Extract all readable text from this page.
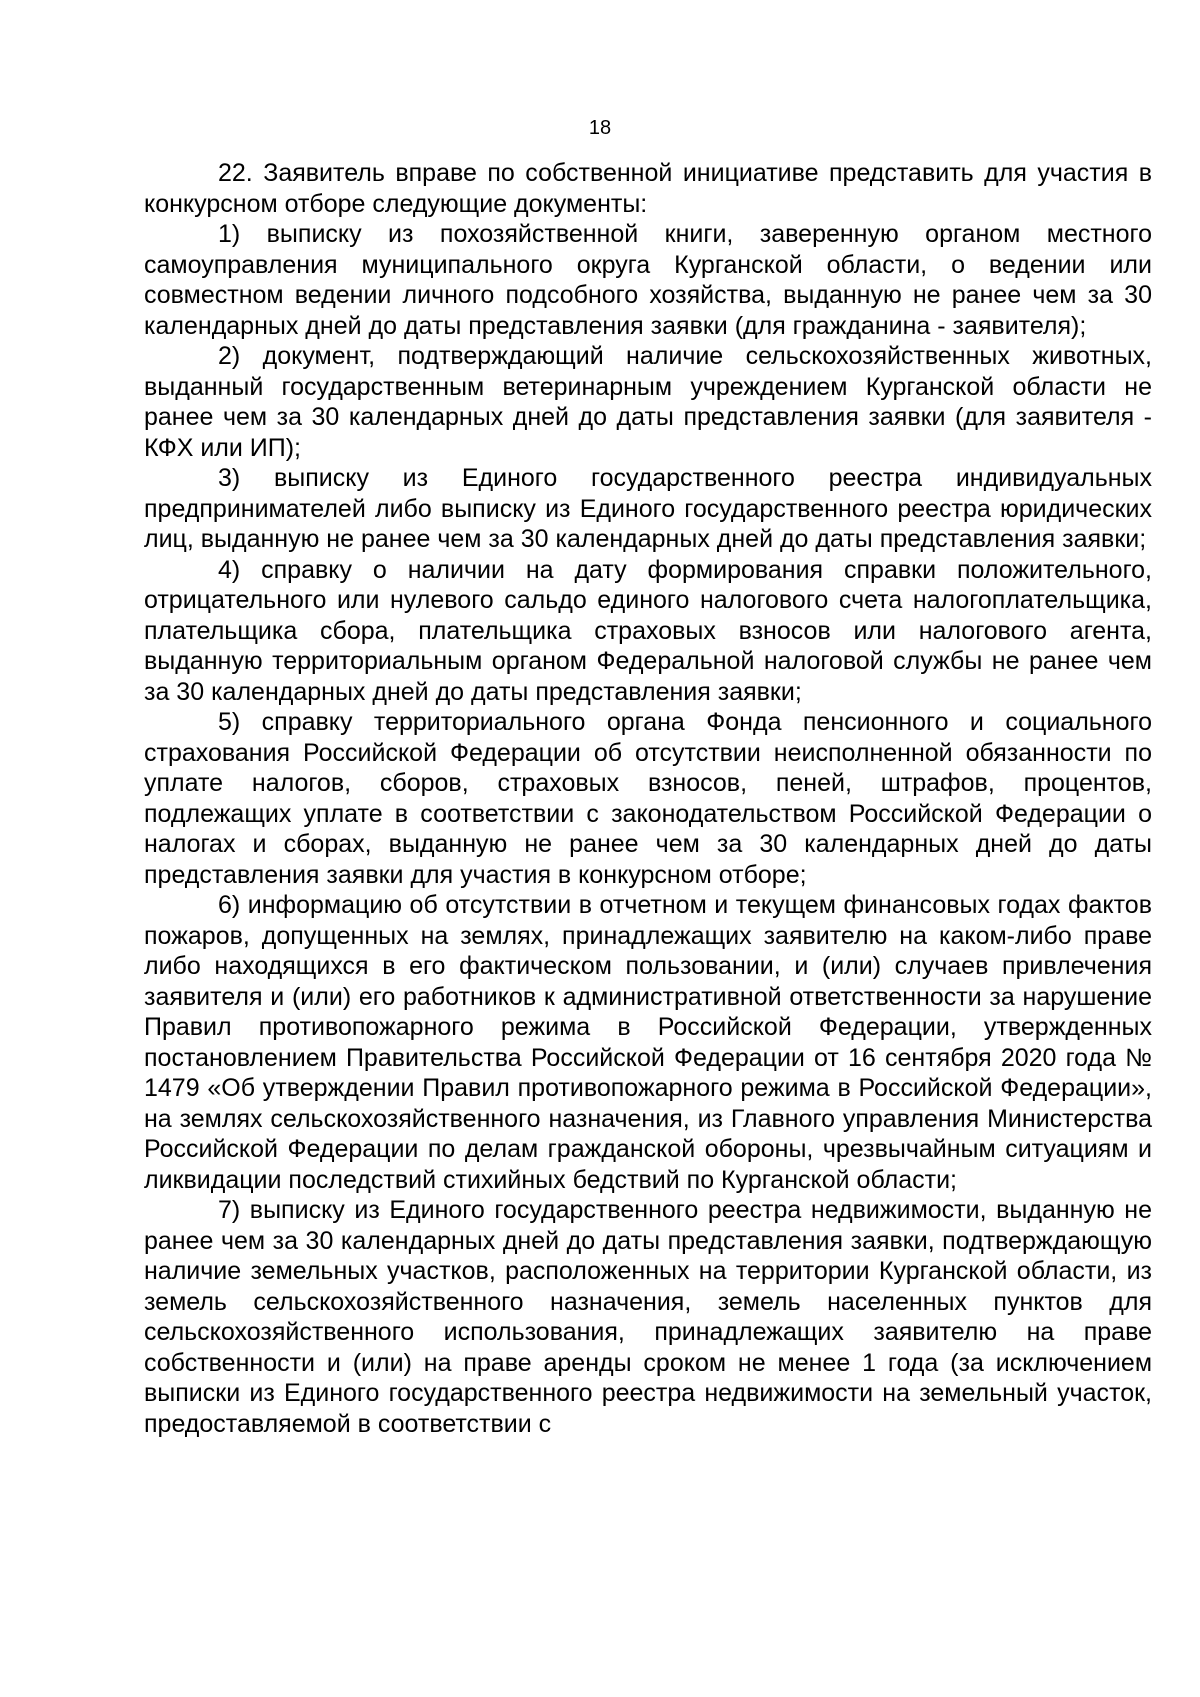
18

22. Заявитель вправе по собственной инициативе представить для участия в конкурсном отборе следующие документы:

1) выписку из похозяйственной книги, заверенную органом местного самоуправления муниципального округа Курганской области, о ведении или совместном ведении личного подсобного хозяйства, выданную не ранее чем за 30 календарных дней до даты представления заявки (для гражданина - заявителя);

2) документ, подтверждающий наличие сельскохозяйственных животных, выданный государственным ветеринарным учреждением Курганской области не ранее чем за 30 календарных дней до даты представления заявки (для заявителя - КФХ или ИП);

3) выписку из Единого государственного реестра индивидуальных предпринимателей либо выписку из Единого государственного реестра юридических лиц, выданную не ранее чем за 30 календарных дней до даты представления заявки;

4) справку о наличии на дату формирования справки положительного, отрицательного или нулевого сальдо единого налогового счета налогоплательщика, плательщика сбора, плательщика страховых взносов или налогового агента, выданную территориальным органом Федеральной налоговой службы не ранее чем за 30 календарных дней до даты представления заявки;

5) справку территориального органа Фонда пенсионного и социального страхования Российской Федерации об отсутствии неисполненной обязанности по уплате налогов, сборов, страховых взносов, пеней, штрафов, процентов, подлежащих уплате в соответствии с законодательством Российской Федерации о налогах и сборах, выданную не ранее чем за 30 календарных дней до даты представления заявки для участия в конкурсном отборе;

6) информацию об отсутствии в отчетном и текущем финансовых годах фактов пожаров, допущенных на землях, принадлежащих заявителю на каком-либо праве либо находящихся в его фактическом пользовании, и (или) случаев привлечения заявителя и (или) его работников к административной ответственности за нарушение Правил противопожарного режима в Российской Федерации, утвержденных постановлением Правительства Российской Федерации от 16 сентября 2020 года № 1479 «Об утверждении Правил противопожарного режима в Российской Федерации», на землях сельскохозяйственного назначения, из Главного управления Министерства Российской Федерации по делам гражданской обороны, чрезвычайным ситуациям и ликвидации последствий стихийных бедствий по Курганской области;

7) выписку из Единого государственного реестра недвижимости, выданную не ранее чем за 30 календарных дней до даты представления заявки, подтверждающую наличие земельных участков, расположенных на территории Курганской области, из земель сельскохозяйственного назначения, земель населенных пунктов для сельскохозяйственного использования, принадлежащих заявителю на праве собственности и (или) на праве аренды сроком не менее 1 года (за исключением выписки из Единого государственного реестра недвижимости на земельный участок, предоставляемой в соответствии с
